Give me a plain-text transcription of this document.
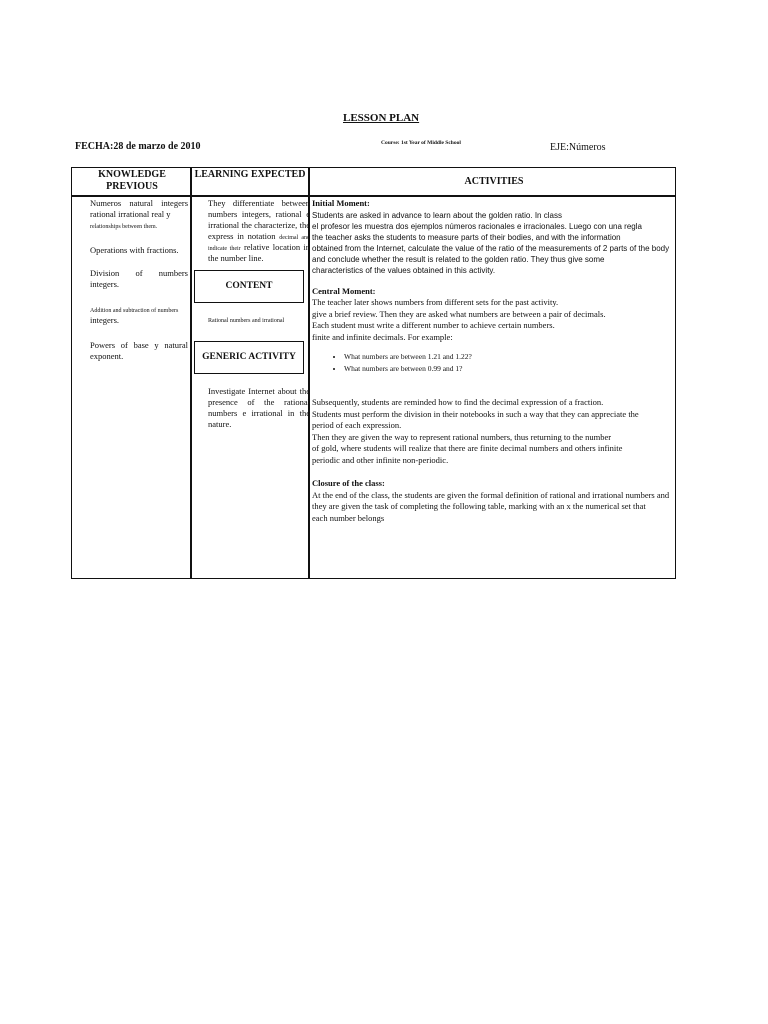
LESSON PLAN
FECHA:28 de marzo de 2010	Course: 1st Year of Middle School	EJE:Números
KNOWLEDGE PREVIOUS
LEARNING EXPECTED
ACTIVITIES
Numeros natural integers rational irrational real y
relationships between them.
Operations with fractions.
Division of numbers integers.
Addition and subtraction of numbers
integers.
Powers of base y natural exponent.
They differentiate between numbers integers, rational e irrational the characterize, the express in notation decimal and indicate their relative location in the number line.
CONTENT
Rational numbers and irrational
GENERIC ACTIVITY
Investigate Internet about the presence of the rational numbers e irrational in the nature.

Initial Moment:

Students are asked in advance to learn about the golden ratio. In class

el profesor les muestra dos ejemplos números racionales e irracionales. Luego con una regla

the teacher asks the students to measure parts of their bodies, and with the information

obtained from the Internet, calculate the value of the ratio of the measurements of 2 parts of the body

and conclude whether the result is related to the golden ratio. They thus give some

characteristics of the values obtained in this activity.

Central Moment:

The teacher later shows numbers from different sets for the past activity.

give a brief review. Then they are asked what numbers are between a pair of decimals.

Each student must write a different number to achieve certain numbers.

finite and infinite decimals. For example:

• What numbers are between 1.21 and 1.22?
• What numbers are between 0.99 and 1?

Subsequently, students are reminded how to find the decimal expression of a fraction.

Students must perform the division in their notebooks in such a way that they can appreciate the

period of each expression.

Then they are given the way to represent rational numbers, thus returning to the number

of gold, where students will realize that there are finite decimal numbers and others infinite

periodic and other infinite non-periodic.

Closure of the class:

At the end of the class, the students are given the formal definition of rational and irrational numbers and

they are given the task of completing the following table, marking with an x the numerical set that

each number belongs
